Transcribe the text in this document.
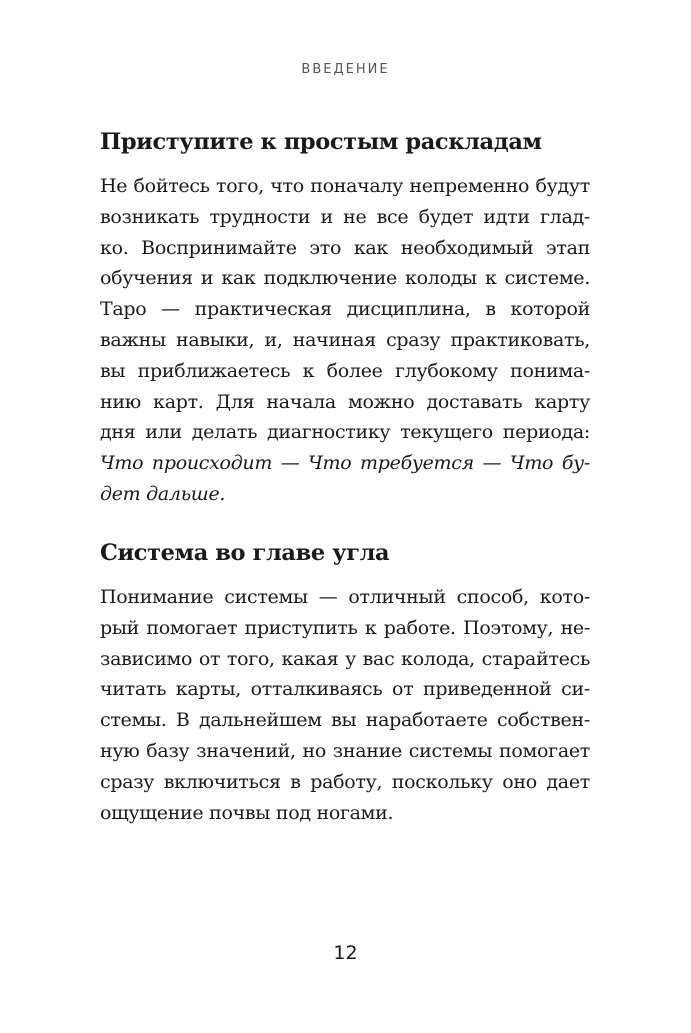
ВВЕДЕНИЕ
Приступите к простым раскладам
Не бойтесь того, что поначалу непременно будут
возникать трудности и не все будет идти глад-
ко. Воспринимайте это как необходимый этап
обучения и как подключение колоды к системе.
Таро — практическая дисциплина, в которой
важны навыки, и, начиная сразу практиковать,
вы приближаетесь к более глубокому понима-
нию карт. Для начала можно доставать карту
дня или делать диагностику текущего периода:
Что происходит — Что требуется — Что бу-
дет дальше.
Система во главе угла
Понимание системы — отличный способ, кото-
рый помогает приступить к работе. Поэтому, не-
зависимо от того, какая у вас колода, старайтесь
читать карты, отталкиваясь от приведенной си-
стемы. В дальнейшем вы наработаете собствен-
ную базу значений, но знание системы помогает
сразу включиться в работу, поскольку оно дает
ощущение почвы под ногами.
12
